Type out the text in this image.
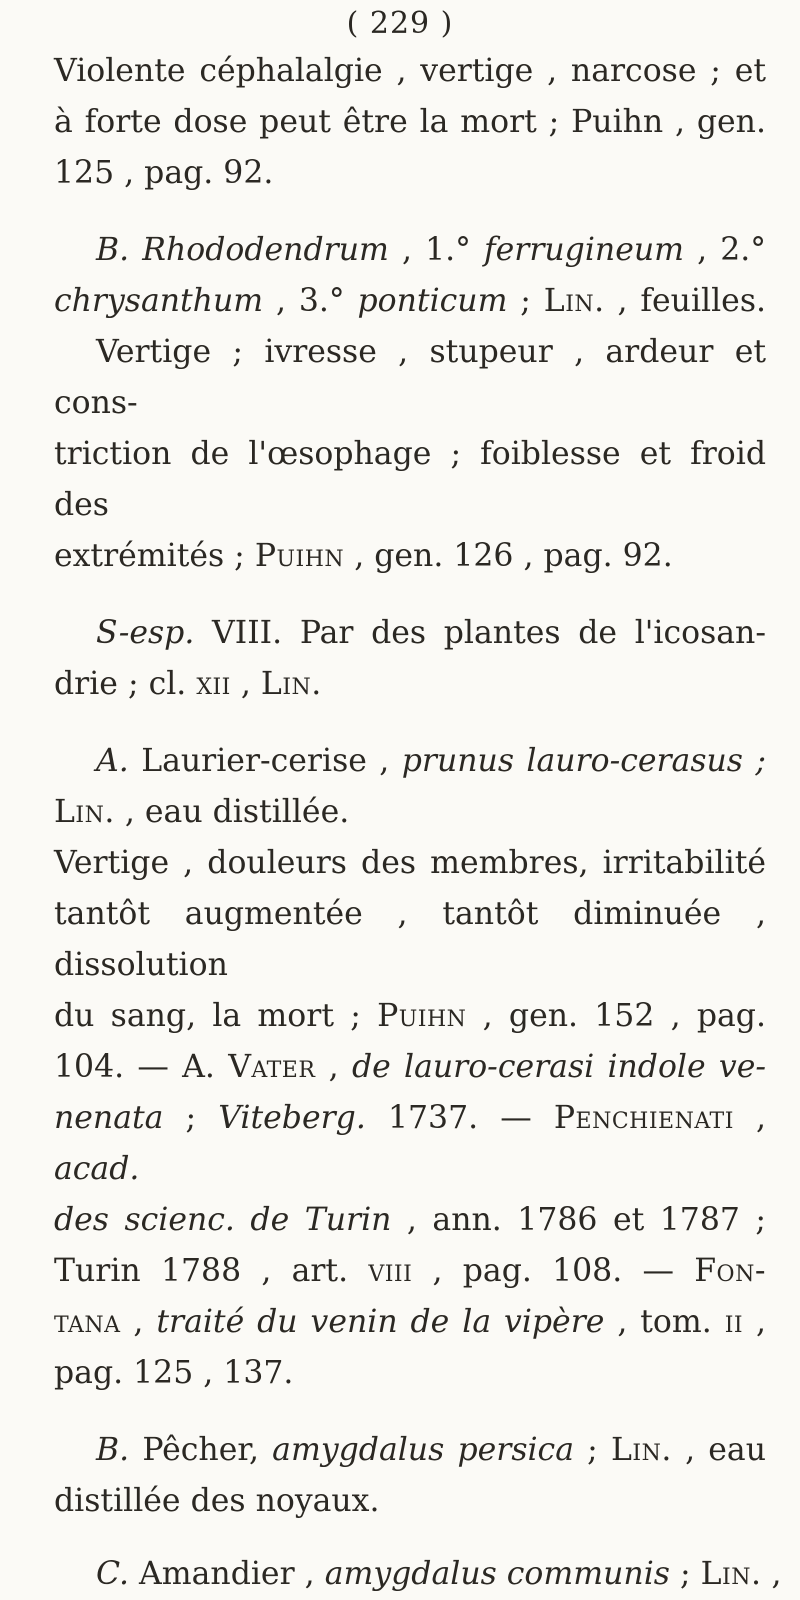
( 229 )
Violente céphalalgie , vertige , narcose ; et
à forte dose peut être la mort ; Puihn , gen.
125 , pag. 92.
B. Rhododendrum , 1.° ferrugineum , 2.°
chrysanthum , 3.° ponticum ; Lin. , feuilles.
Vertige ; ivresse , stupeur , ardeur et cons-
triction de l'œsophage ; foiblesse et froid des
extrémités ; Puihn , gen. 126 , pag. 92.
S-esp. VIII. Par des plantes de l'icosan-
drie ; cl. xii , Lin.
A. Laurier-cerise , prunus lauro-cerasus ;
Lin. , eau distillée.
Vertige , douleurs des membres, irritabilité
tantôt augmentée , tantôt diminuée , dissolution
du sang, la mort ; Puihn , gen. 152 , pag.
104. — A. Vater , de lauro-cerasi indole ve-
nenata ; Viteberg. 1737. — Penchienati , acad.
des scienc. de Turin , ann. 1786 et 1787 ;
Turin 1788 , art. viii , pag. 108. — Fon-
tana , traité du venin de la vipère , tom. ii ,
pag. 125 , 137.
B. Pêcher, amygdalus persica ; Lin. , eau
distillée des noyaux.
C. Amandier , amygdalus communis ; Lin. ,
